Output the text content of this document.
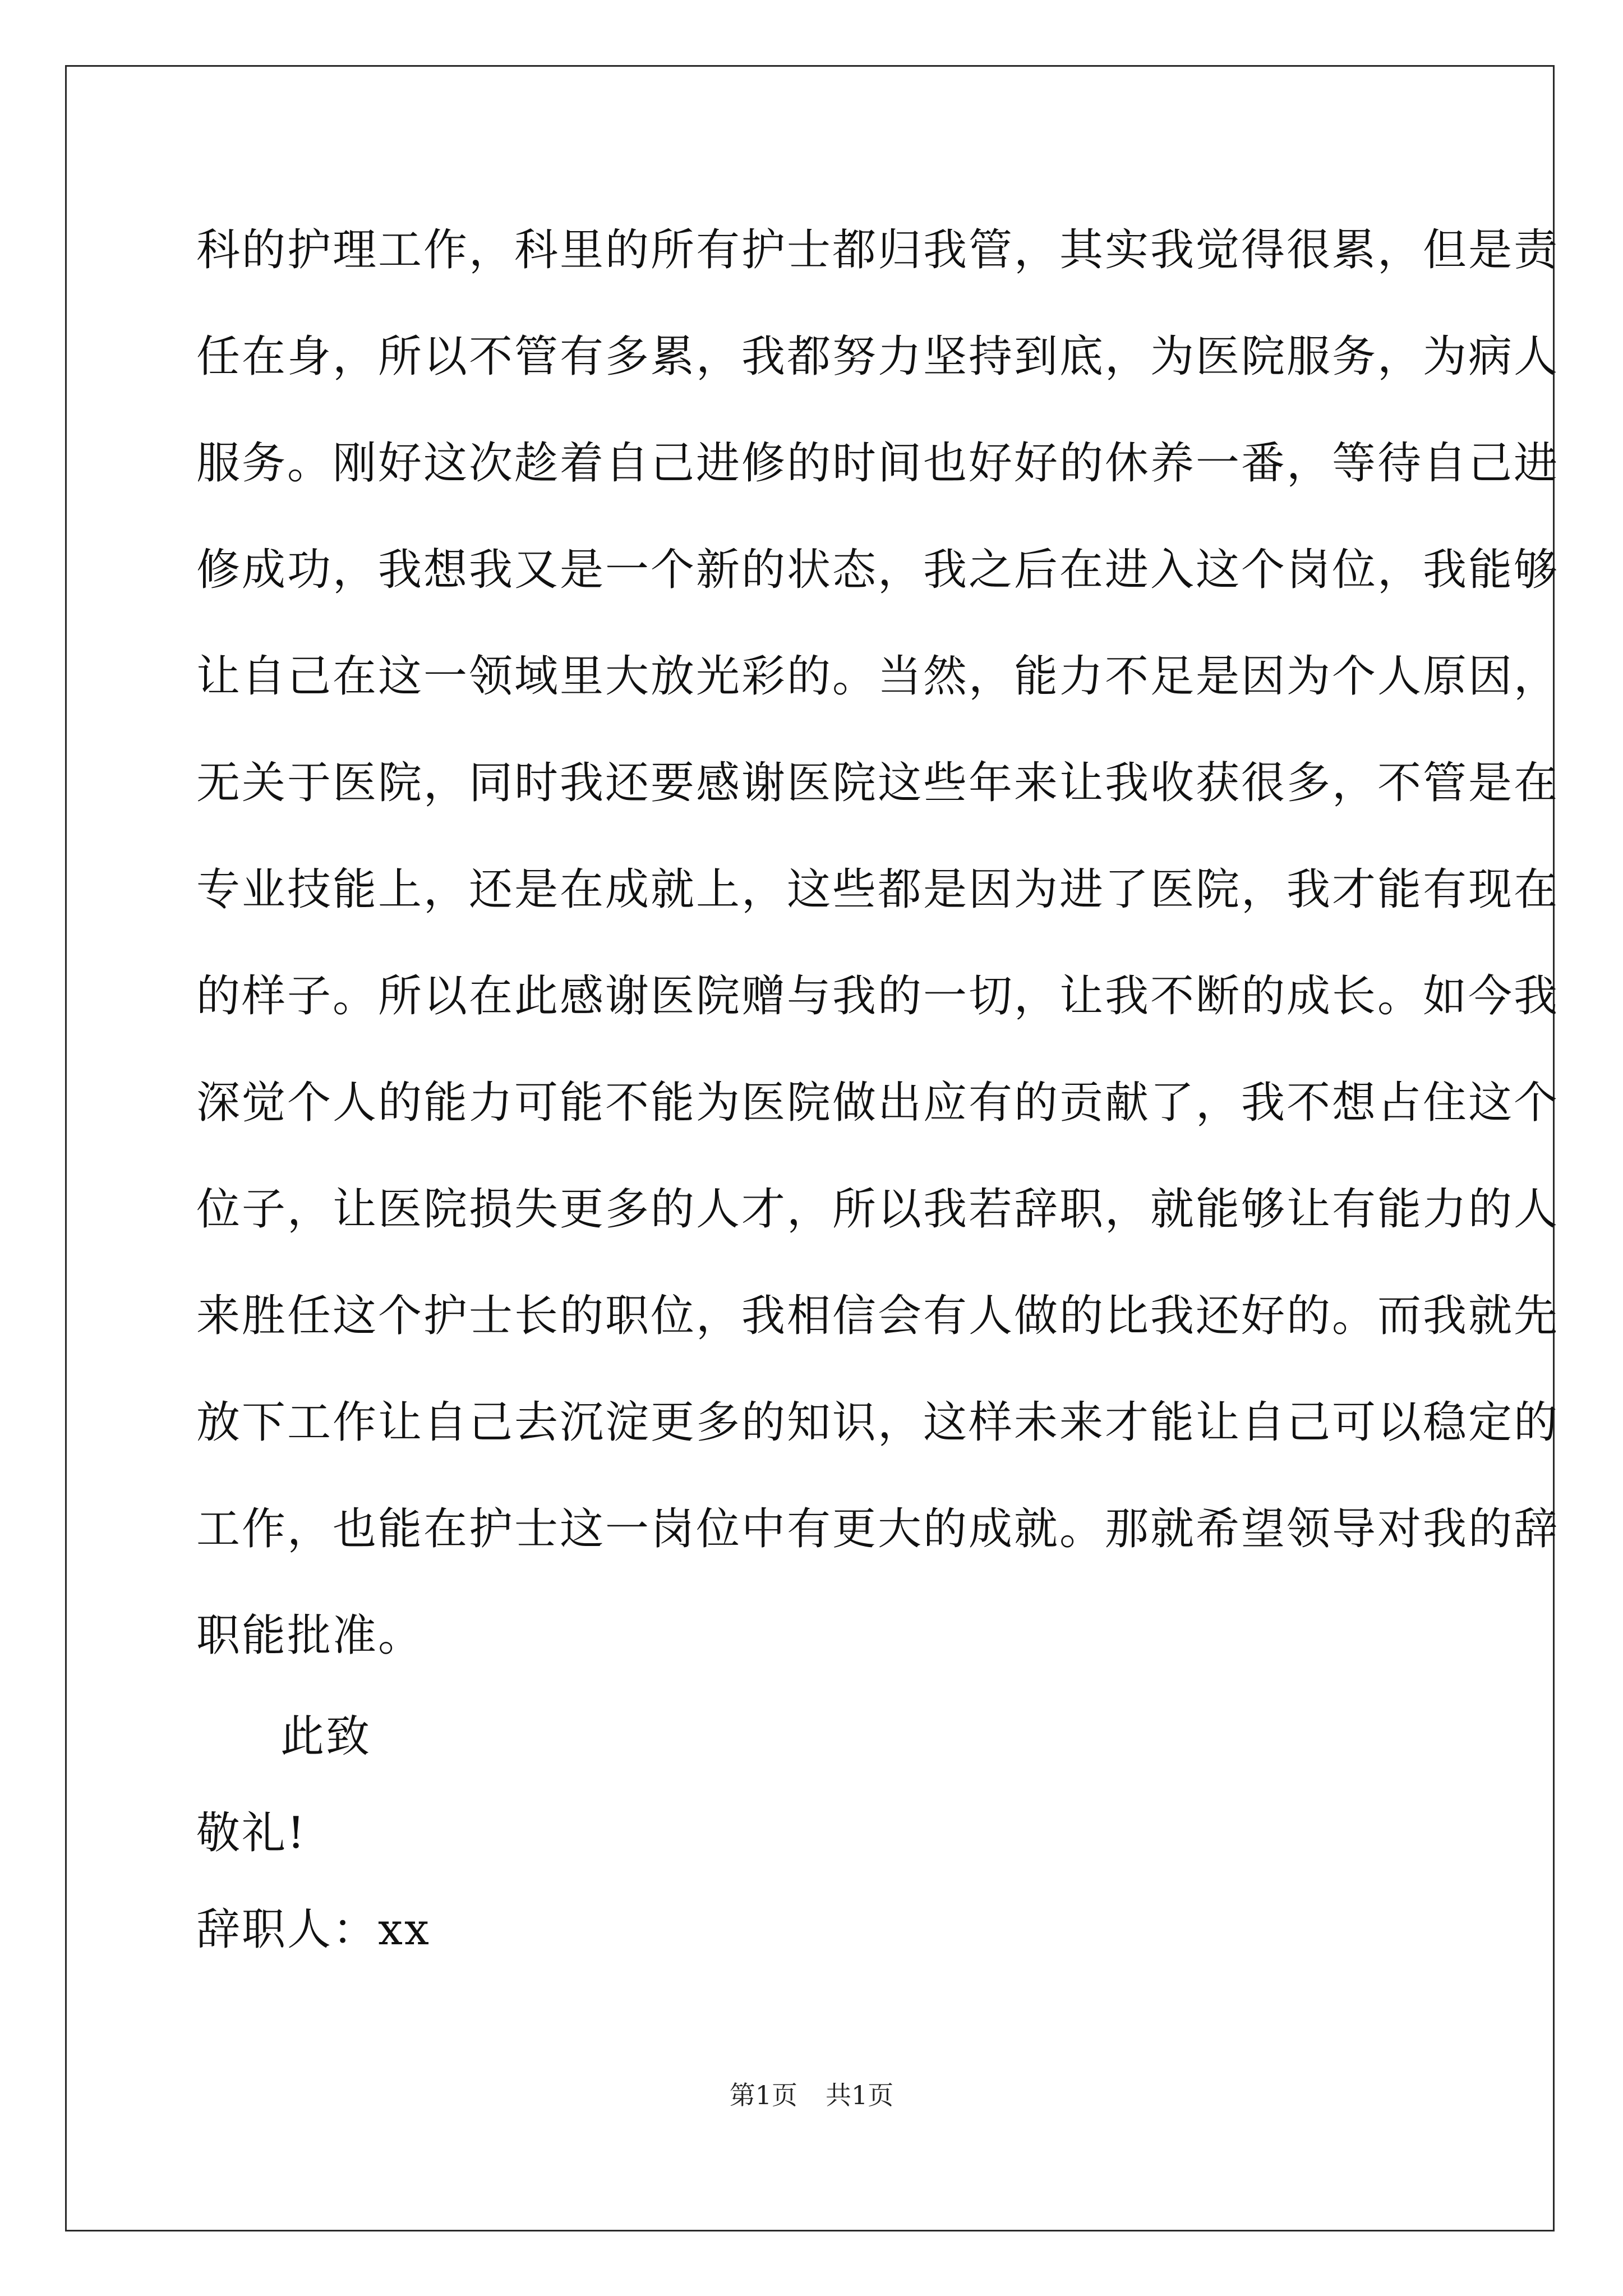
科的护理工作，科里的所有护士都归我管，其实我觉得很累，但是责
任在身，所以不管有多累，我都努力坚持到底，为医院服务，为病人
服务。刚好这次趁着自己进修的时间也好好的休养一番，等待自己进
修成功，我想我又是一个新的状态，我之后在进入这个岗位，我能够
让自己在这一领域里大放光彩的。当然，能力不足是因为个人原因，
无关于医院，同时我还要感谢医院这些年来让我收获很多，不管是在
专业技能上，还是在成就上，这些都是因为进了医院，我才能有现在
的样子。所以在此感谢医院赠与我的一切，让我不断的成长。如今我
深觉个人的能力可能不能为医院做出应有的贡献了，我不想占住这个
位子，让医院损失更多的人才，所以我若辞职，就能够让有能力的人
来胜任这个护士长的职位，我相信会有人做的比我还好的。而我就先
放下工作让自己去沉淀更多的知识，这样未来才能让自己可以稳定的
工作，也能在护士这一岗位中有更大的成就。那就希望领导对我的辞
职能批准。
此致
敬礼!
辞职人：xx
第1页 共1页
